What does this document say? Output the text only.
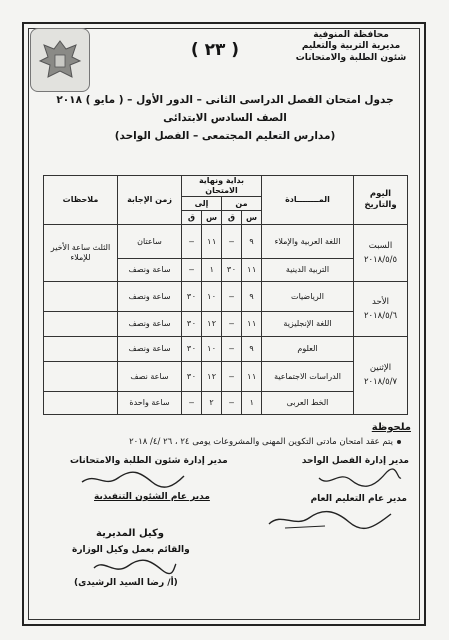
محافظة المنوفية
مديرية التربية والتعليم
شئون الطلبة والامتحانات
( ٢٣ )
جدول امتحان الفصل الدراسى الثانى – الدور الأول – ( مايو ) ٢٠١٨
الصف السادس الابتدائى
(مدارس التعليم المجتمعى – الفصل الواحد)
اليوم والتاريخ	المــــــــادة	بداية ونهاية الامتحان				زمن الإجابة	ملاحظات
		من		إلى			
		س	ق	س	ق		
السبت
٢٠١٨/٥/٥	اللغة العربية والإملاء	٩	–	١١	–	ساعتان	الثلث ساعة الأخير للإملاء
	التربية الدينية	١١	٣٠	١	–	ساعة ونصف	
الأحد
٢٠١٨/٥/٦	الرياضيات	٩	–	١٠	٣٠	ساعة ونصف	
	اللغة الإنجليزية	١١	–	١٢	٣٠	ساعة ونصف	
الإثنين
٢٠١٨/٥/٧	العلوم	٩	–	١٠	٣٠	ساعة ونصف	
	الدراسات الاجتماعية	١١	–	١٢	٣٠	ساعة نصف	
	الخط العربى	١	–	٢	–	ساعة واحدة	
ملحوظة
يتم عقد امتحان مادتى التكوين المهنى والمشروعات يومى ٢٤ ، ٢٦ /٤/ ٢٠١٨
مدير إدارة الفصل الواحد
مدير إدارة شئون الطلبة والامتحانات
مدير عام التعليم العام
مدير عام الشئون التنفيذية
وكيل المديرية
والقائم بعمل وكيل الوزارة
(أ/ رضا السيد الرشيدى)
